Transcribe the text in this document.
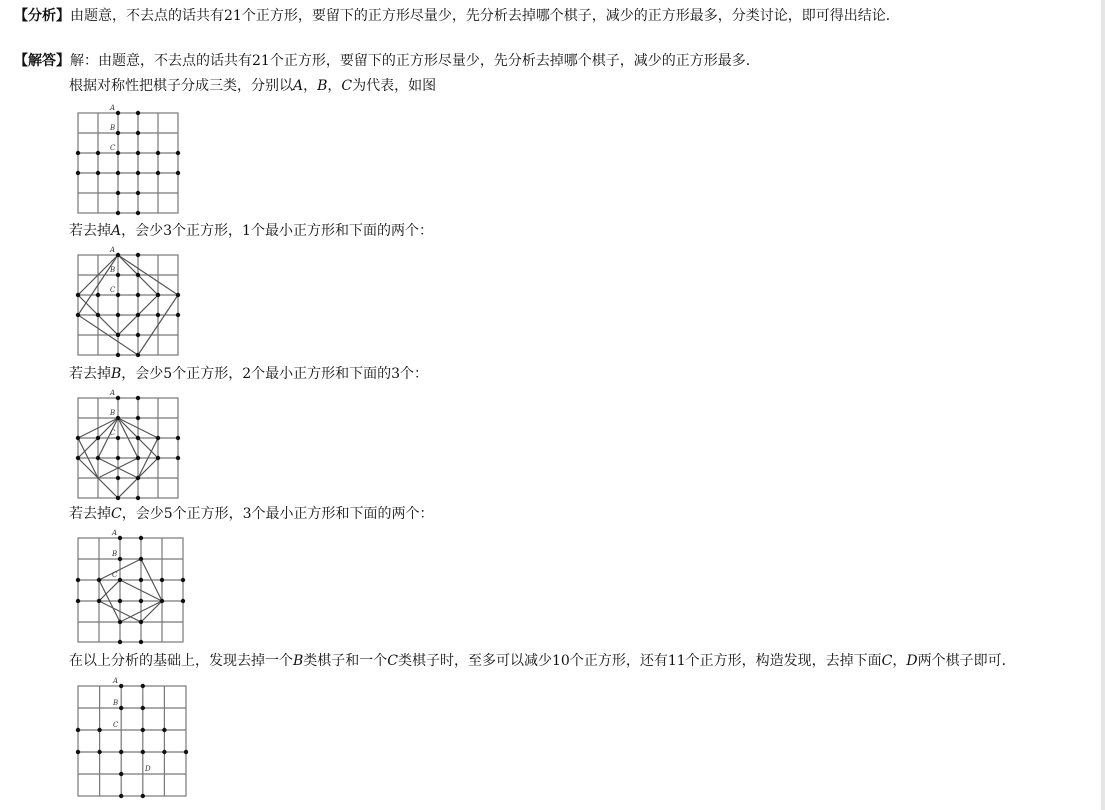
【分析】由题意，不去点的话共有21个正方形，要留下的正方形尽量少，先分析去掉哪个棋子，减少的正方形最多，分类讨论，即可得出结论．
【解答】解：由题意，不去点的话共有21个正方形，要留下的正方形尽量少，先分析去掉哪个棋子，减少的正方形最多．
根据对称性把棋子分成三类，分别以A，B，C为代表，如图
A
B
C
若去掉A，会少3个正方形，1个最小正方形和下面的两个：
A
B
C
若去掉B，会少5个正方形，2个最小正方形和下面的3个：
A
B
C
若去掉C，会少5个正方形，3个最小正方形和下面的两个：
A
B
C
在以上分析的基础上，发现去掉一个B类棋子和一个C类棋子时，至多可以减少10个正方形，还有11个正方形，构造发现，去掉下面C，D两个棋子即可．
A
B
C
D
